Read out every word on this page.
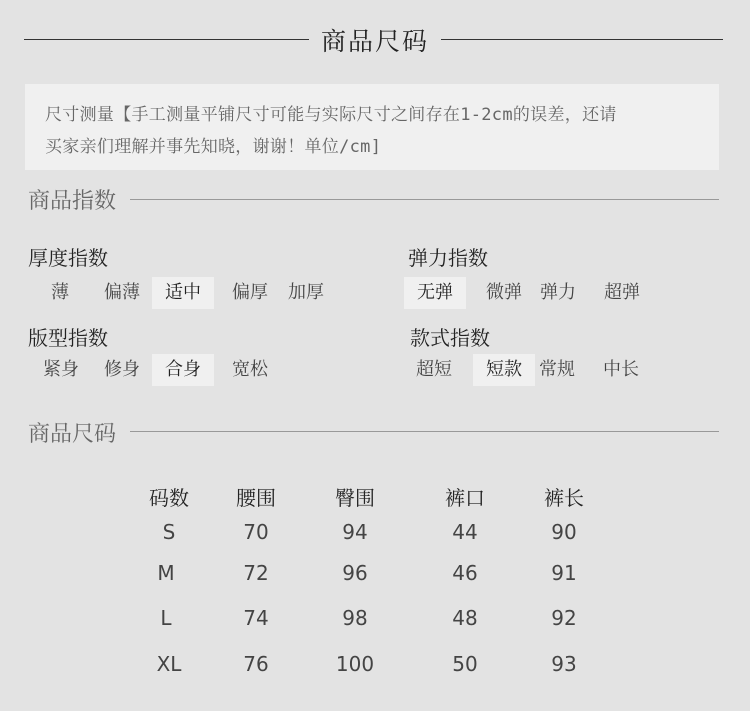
商品尺码
尺寸测量【手工测量平铺尺寸可能与实际尺寸之间存在1-2cm的误差，还请
买家亲们理解并事先知晓，谢谢！单位/cm]
商品指数
厚度指数
薄	偏薄	适中	偏厚	加厚
弹力指数
无弹	微弹	弹力	超弹
版型指数
紧身	修身	合身	宽松
款式指数
超短	短款 常规	中长
商品尺码
码数	腰围	臀围	裤口	裤长
S	70	94	44	90
M	72	96	46	91
L	74	98	48	92
XL	76	100	50	93
